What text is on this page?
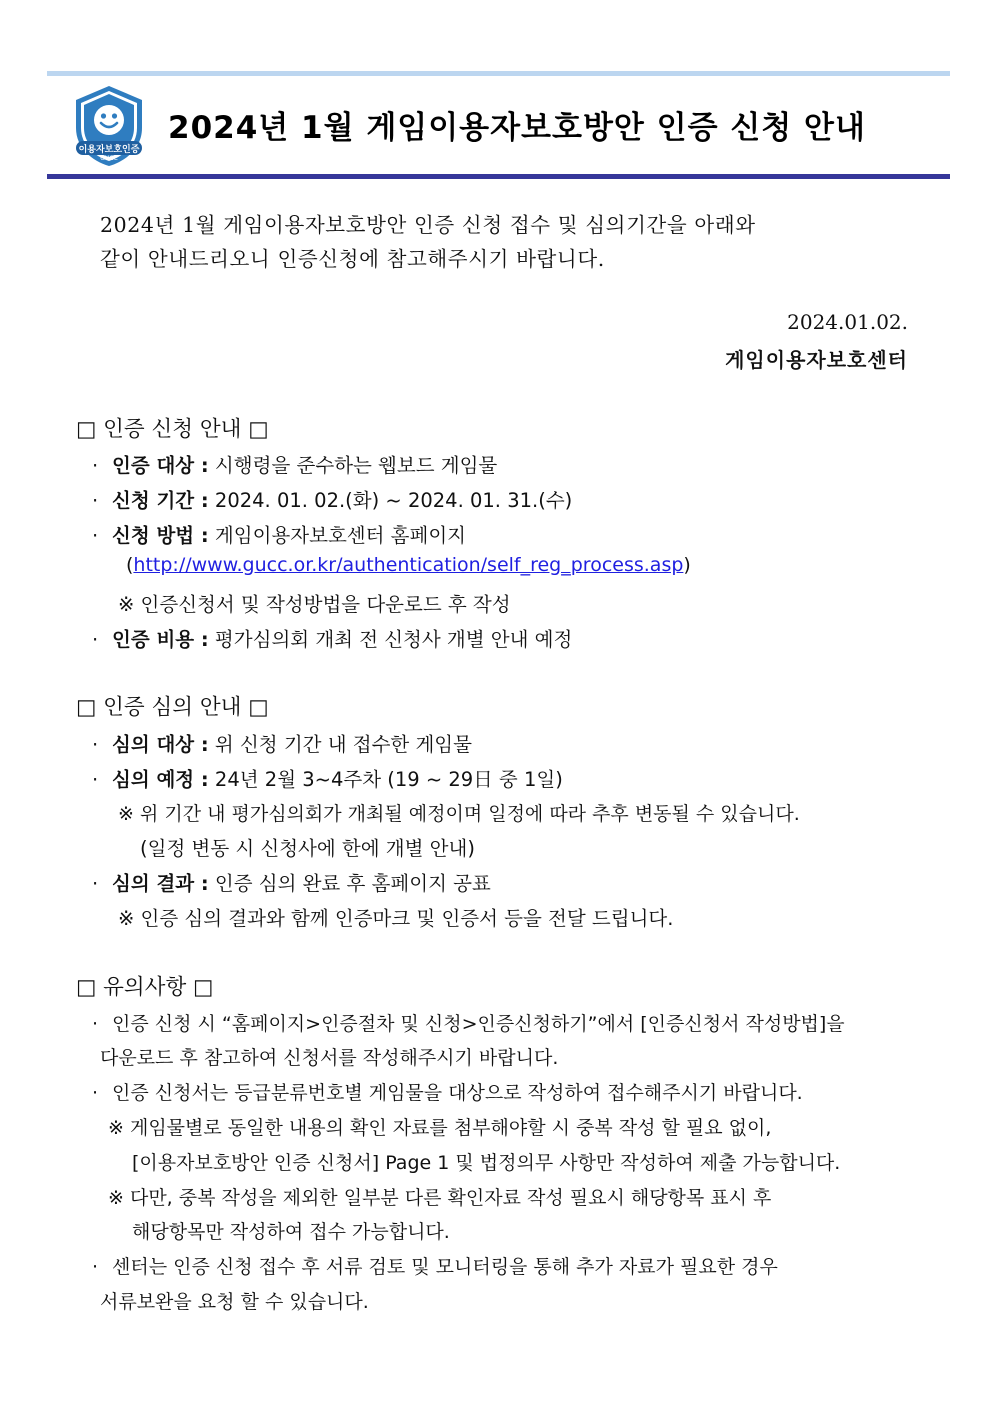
이용자보호인증
GUCC
2024년 1월 게임이용자보호방안 인증 신청 안내
2024년 1월 게임이용자보호방안 인증 신청 접수 및 심의기간을 아래와
같이 안내드리오니 인증신청에 참고해주시기 바랍니다.
2024.01.02.
게임이용자보호센터
□ 인증 신청 안내 □
· 인증 대상 : 시행령을 준수하는 웹보드 게임물
· 신청 기간 : 2024. 01. 02.(화) ~ 2024. 01. 31.(수)
· 신청 방법 : 게임이용자보호센터 홈페이지
(http://www.gucc.or.kr/authentication/self_reg_process.asp)
※ 인증신청서 및 작성방법을 다운로드 후 작성
· 인증 비용 : 평가심의회 개최 전 신청사 개별 안내 예정
□ 인증 심의 안내 □
· 심의 대상 : 위 신청 기간 내 접수한 게임물
· 심의 예정 : 24년 2월 3~4주차 (19 ~ 29日 중 1일)
※ 위 기간 내 평가심의회가 개최될 예정이며 일정에 따라 추후 변동될 수 있습니다.
(일정 변동 시 신청사에 한에 개별 안내)
· 심의 결과 : 인증 심의 완료 후 홈페이지 공표
※ 인증 심의 결과와 함께 인증마크 및 인증서 등을 전달 드립니다.
□ 유의사항 □
· 인증 신청 시 “홈페이지>인증절차 및 신청>인증신청하기”에서 [인증신청서 작성방법]을
다운로드 후 참고하여 신청서를 작성해주시기 바랍니다.
· 인증 신청서는 등급분류번호별 게임물을 대상으로 작성하여 접수해주시기 바랍니다.
※ 게임물별로 동일한 내용의 확인 자료를 첨부해야할 시 중복 작성 할 필요 없이,
[이용자보호방안 인증 신청서] Page 1 및 법정의무 사항만 작성하여 제출 가능합니다.
※ 다만, 중복 작성을 제외한 일부분 다른 확인자료 작성 필요시 해당항목 표시 후
해당항목만 작성하여 접수 가능합니다.
· 센터는 인증 신청 접수 후 서류 검토 및 모니터링을 통해 추가 자료가 필요한 경우
서류보완을 요청 할 수 있습니다.
